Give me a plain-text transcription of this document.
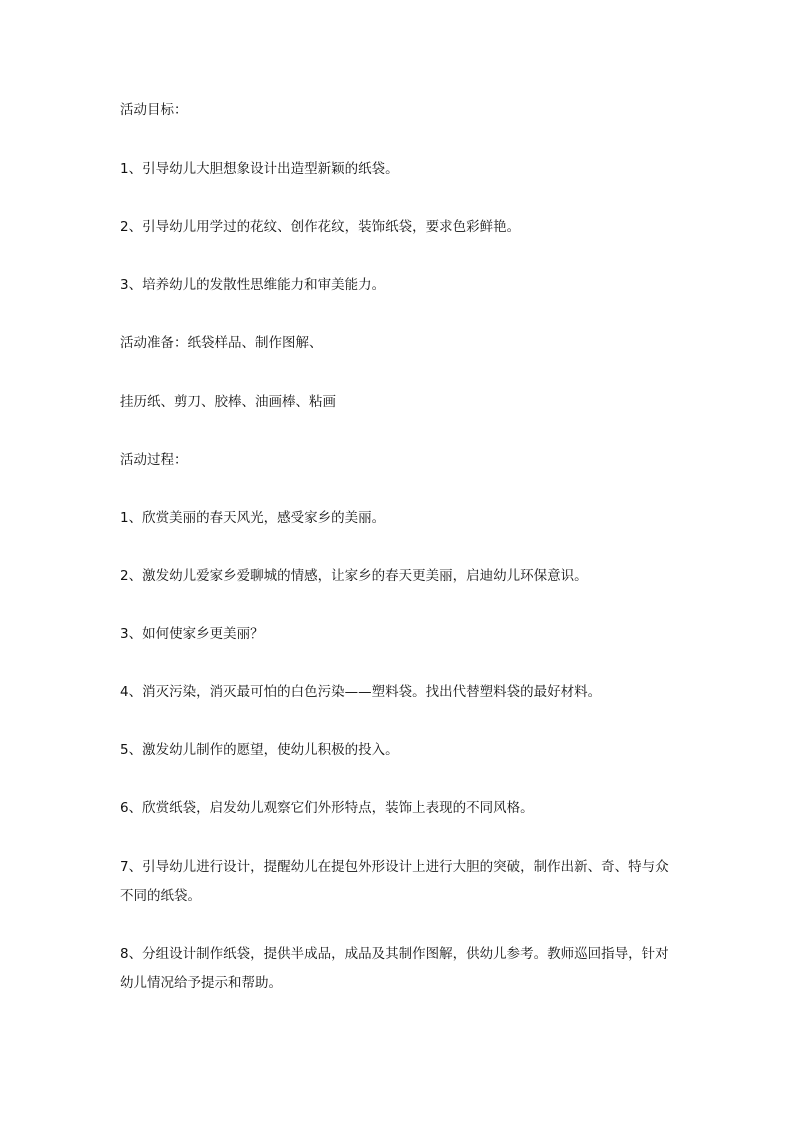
活动目标：

1、引导幼儿大胆想象设计出造型新颖的纸袋。

2、引导幼儿用学过的花纹、创作花纹，装饰纸袋，要求色彩鲜艳。

3、培养幼儿的发散性思维能力和审美能力。

活动准备：纸袋样品、制作图解、

挂历纸、剪刀、胶棒、油画棒、粘画

活动过程：

1、欣赏美丽的春天风光，感受家乡的美丽。

2、激发幼儿爱家乡爱聊城的情感，让家乡的春天更美丽，启迪幼儿环保意识。

3、如何使家乡更美丽？

4、消灭污染，消灭最可怕的白色污染——塑料袋。找出代替塑料袋的最好材料。

5、激发幼儿制作的愿望，使幼儿积极的投入。

6、欣赏纸袋，启发幼儿观察它们外形特点，装饰上表现的不同风格。

7、引导幼儿进行设计，提醒幼儿在提包外形设计上进行大胆的突破，制作出新、奇、特与众不同的纸袋。

8、分组设计制作纸袋，提供半成品，成品及其制作图解，供幼儿参考。教师巡回指导，针对幼儿情况给予提示和帮助。
